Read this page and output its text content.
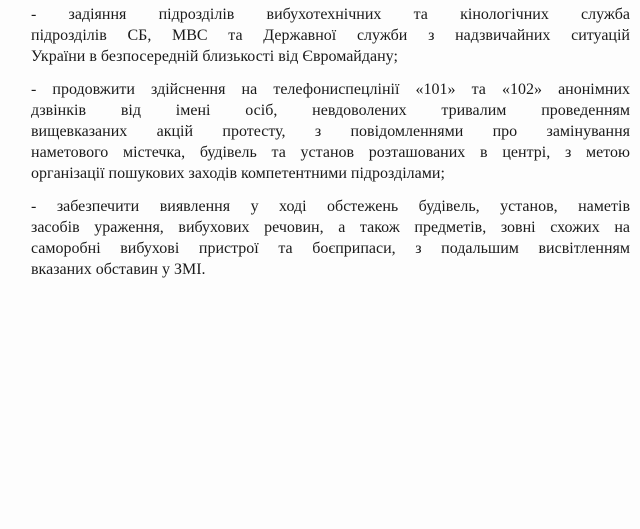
- задіяння підрозділів вибухотехнічних та кінологічних служба
підрозділів СБ, МВС та Державної служби з надзвичайних ситуацій
України в безпосередній близькості від Євромайдану;

- продовжити здійснення на телефониспецлінії «101» та «102» анонімних
дзвінків від імені осіб, невдоволених тривалим проведенням
вищевказаних акцій протесту, з повідомленнями про замінування
наметового містечка, будівель та установ розташованих в центрі, з метою
організації пошукових заходів компетентними підрозділами;

- забезпечити виявлення у ході обстежень будівель, установ, наметів
засобів ураження, вибухових речовин, а також предметів, зовні схожих на
саморобні вибухові пристрої та боєприпаси, з подальшим висвітленням
вказаних обставин у ЗМІ.
